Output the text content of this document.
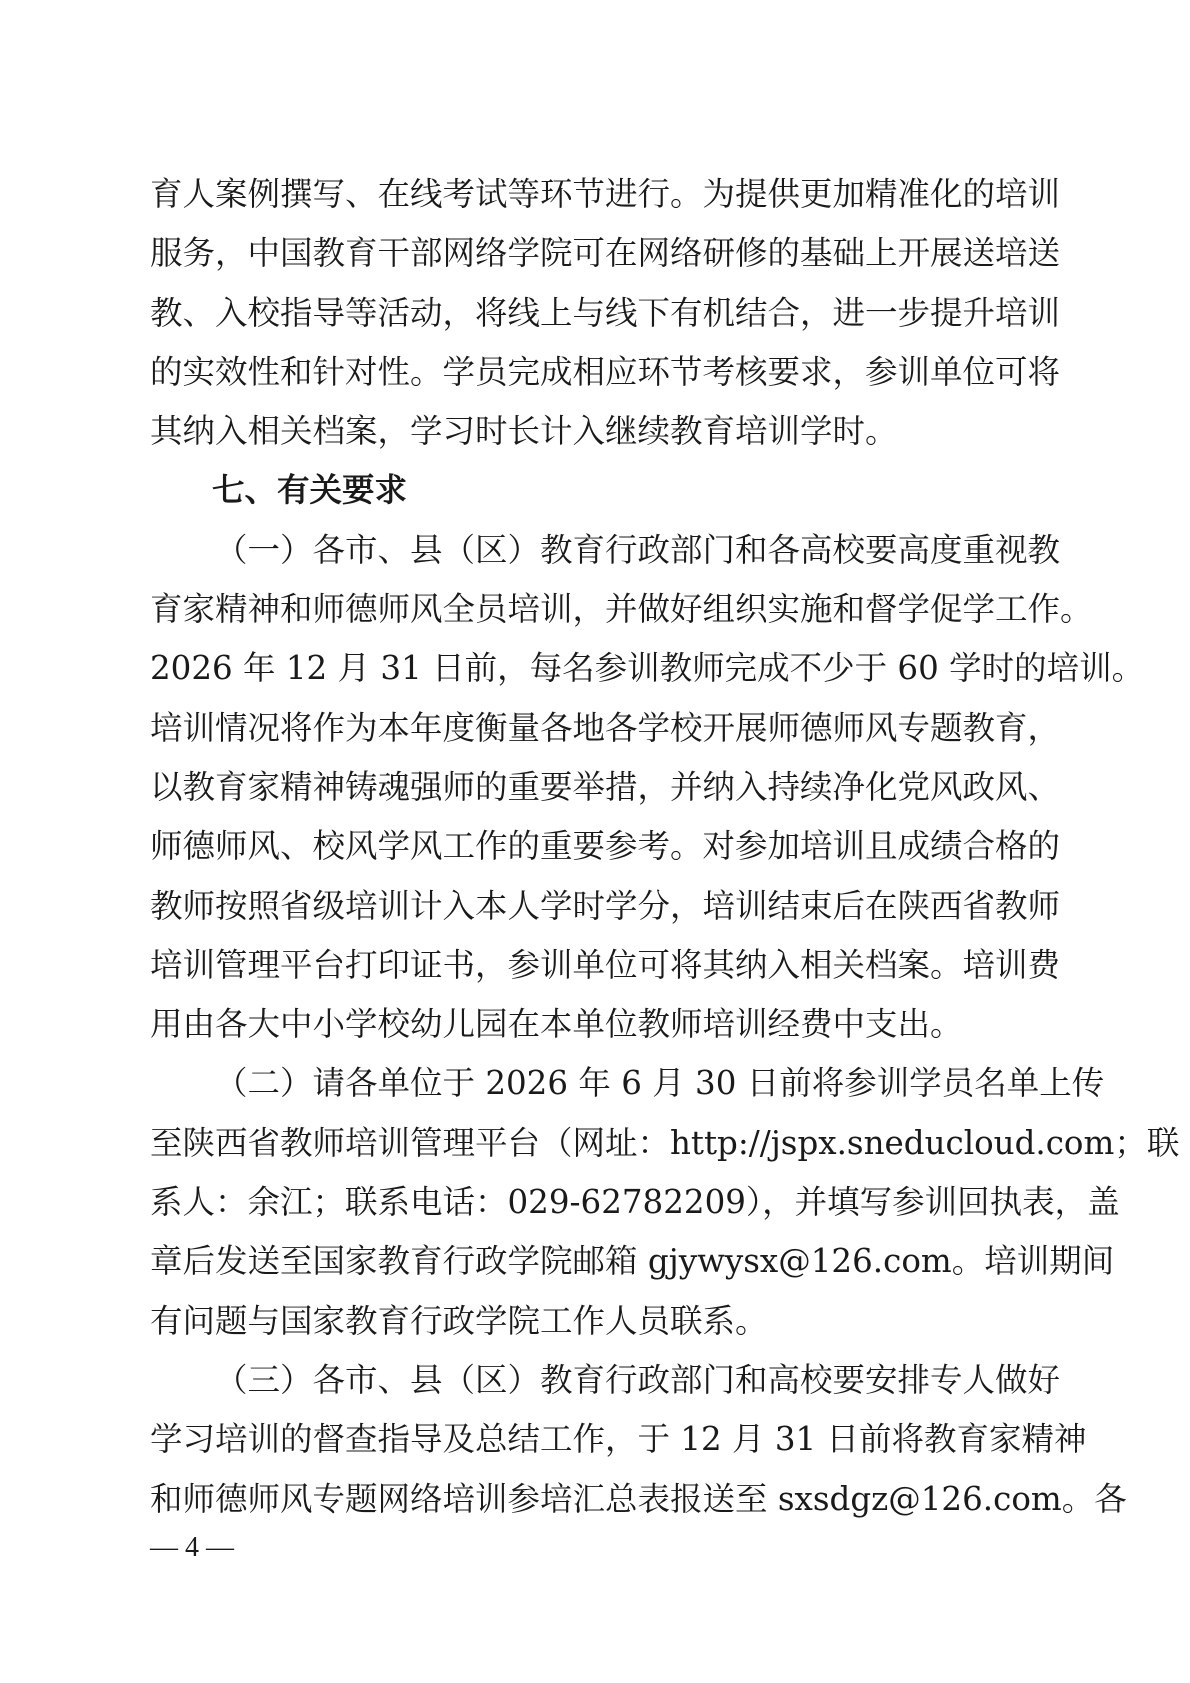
育人案例撰写、在线考试等环节进行。为提供更加精准化的培训
服务，中国教育干部网络学院可在网络研修的基础上开展送培送
教、入校指导等活动，将线上与线下有机结合，进一步提升培训
的实效性和针对性。学员完成相应环节考核要求，参训单位可将
其纳入相关档案，学习时长计入继续教育培训学时。
七、有关要求
（一）各市、县（区）教育行政部门和各高校要高度重视教
育家精神和师德师风全员培训，并做好组织实施和督学促学工作。
2026 年 12 月 31 日前，每名参训教师完成不少于 60 学时的培训。
培训情况将作为本年度衡量各地各学校开展师德师风专题教育，
以教育家精神铸魂强师的重要举措，并纳入持续净化党风政风、
师德师风、校风学风工作的重要参考。对参加培训且成绩合格的
教师按照省级培训计入本人学时学分，培训结束后在陕西省教师
培训管理平台打印证书，参训单位可将其纳入相关档案。培训费
用由各大中小学校幼儿园在本单位教师培训经费中支出。
（二）请各单位于 2026 年 6 月 30 日前将参训学员名单上传
至陕西省教师培训管理平台（网址：http://jspx.sneducloud.com；联
系人：余江；联系电话：029-62782209），并填写参训回执表，盖
章后发送至国家教育行政学院邮箱 gjywysx@126.com。培训期间
有问题与国家教育行政学院工作人员联系。
（三）各市、县（区）教育行政部门和高校要安排专人做好
学习培训的督查指导及总结工作，于 12 月 31 日前将教育家精神
和师德师风专题网络培训参培汇总表报送至 sxsdgz@126.com。各
— 4 —
